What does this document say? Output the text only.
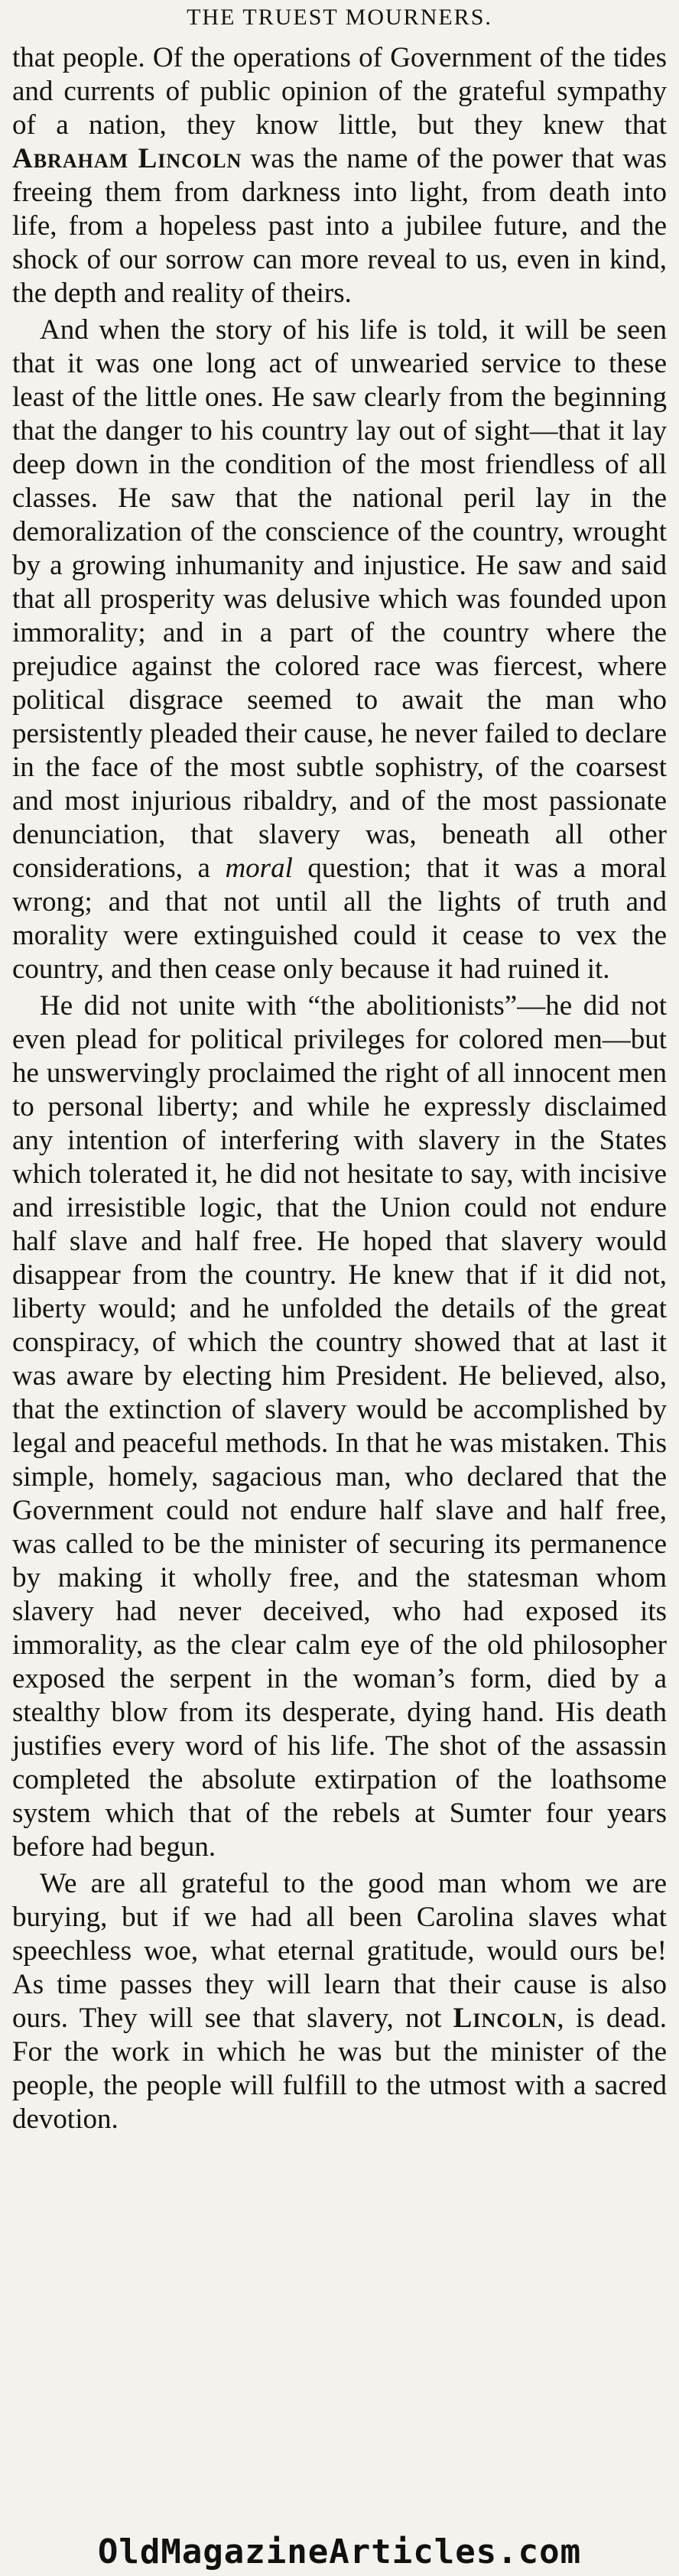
THE TRUEST MOURNERS.

that people. Of the operations of Government of the tides and currents of public opinion of the grateful sympathy of a nation, they know little, but they knew that Abraham Lincoln was the name of the power that was freeing them from darkness into light, from death into life, from a hopeless past into a jubilee future, and the shock of our sorrow can more reveal to us, even in kind, the depth and reality of theirs.

And when the story of his life is told, it will be seen that it was one long act of unwearied service to these least of the little ones. He saw clearly from the beginning that the danger to his country lay out of sight—that it lay deep down in the condition of the most friendless of all classes. He saw that the national peril lay in the demoralization of the conscience of the country, wrought by a growing inhumanity and injustice. He saw and said that all prosperity was delusive which was founded upon immorality; and in a part of the country where the prejudice against the colored race was fiercest, where political disgrace seemed to await the man who persistently pleaded their cause, he never failed to declare in the face of the most subtle sophistry, of the coarsest and most injurious ribaldry, and of the most passionate denunciation, that slavery was, beneath all other considerations, a moral question; that it was a moral wrong; and that not until all the lights of truth and morality were extinguished could it cease to vex the country, and then cease only because it had ruined it.

He did not unite with “the abolitionists”—he did not even plead for political privileges for colored men—but he unswervingly proclaimed the right of all innocent men to personal liberty; and while he expressly disclaimed any intention of interfering with slavery in the States which tolerated it, he did not hesitate to say, with incisive and irresistible logic, that the Union could not endure half slave and half free. He hoped that slavery would disappear from the country. He knew that if it did not, liberty would; and he unfolded the details of the great conspiracy, of which the country showed that at last it was aware by electing him President. He believed, also, that the extinction of slavery would be accomplished by legal and peaceful methods. In that he was mistaken. This simple, homely, sagacious man, who declared that the Government could not endure half slave and half free, was called to be the minister of securing its permanence by making it wholly free, and the statesman whom slavery had never deceived, who had exposed its immorality, as the clear calm eye of the old philosopher exposed the serpent in the woman’s form, died by a stealthy blow from its desperate, dying hand. His death justifies every word of his life. The shot of the assassin completed the absolute extirpation of the loathsome system which that of the rebels at Sumter four years before had begun.

We are all grateful to the good man whom we are burying, but if we had all been Carolina slaves what speechless woe, what eternal gratitude, would ours be! As time passes they will learn that their cause is also ours. They will see that slavery, not Lincoln, is dead. For the work in which he was but the minister of the people, the people will fulfill to the utmost with a sacred devotion.

OldMagazineArticles.com
